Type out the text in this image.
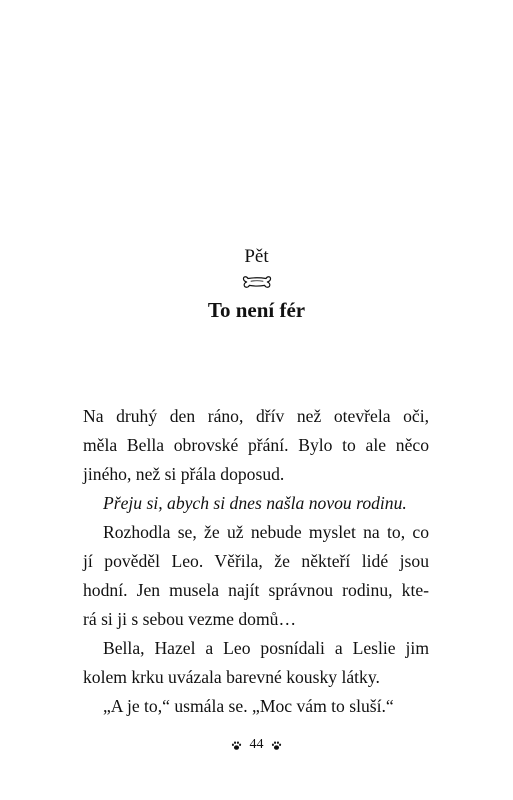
Pět
To není fér
Na druhý den ráno, dřív než otevřela oči,
měla Bella obrovské přání. Bylo to ale něco
jiného, než si přála doposud.
Přeju si, abych si dnes našla novou rodinu.
Rozhodla se, že už nebude myslet na to, co
jí pověděl Leo. Věřila, že někteří lidé jsou
hodní. Jen musela najít správnou rodinu, kte-
rá si ji s sebou vezme domů…
Bella, Hazel a Leo posnídali a Leslie jim
kolem krku uvázala barevné kousky látky.
„A je to,“ usmála se. „Moc vám to sluší.“
44
